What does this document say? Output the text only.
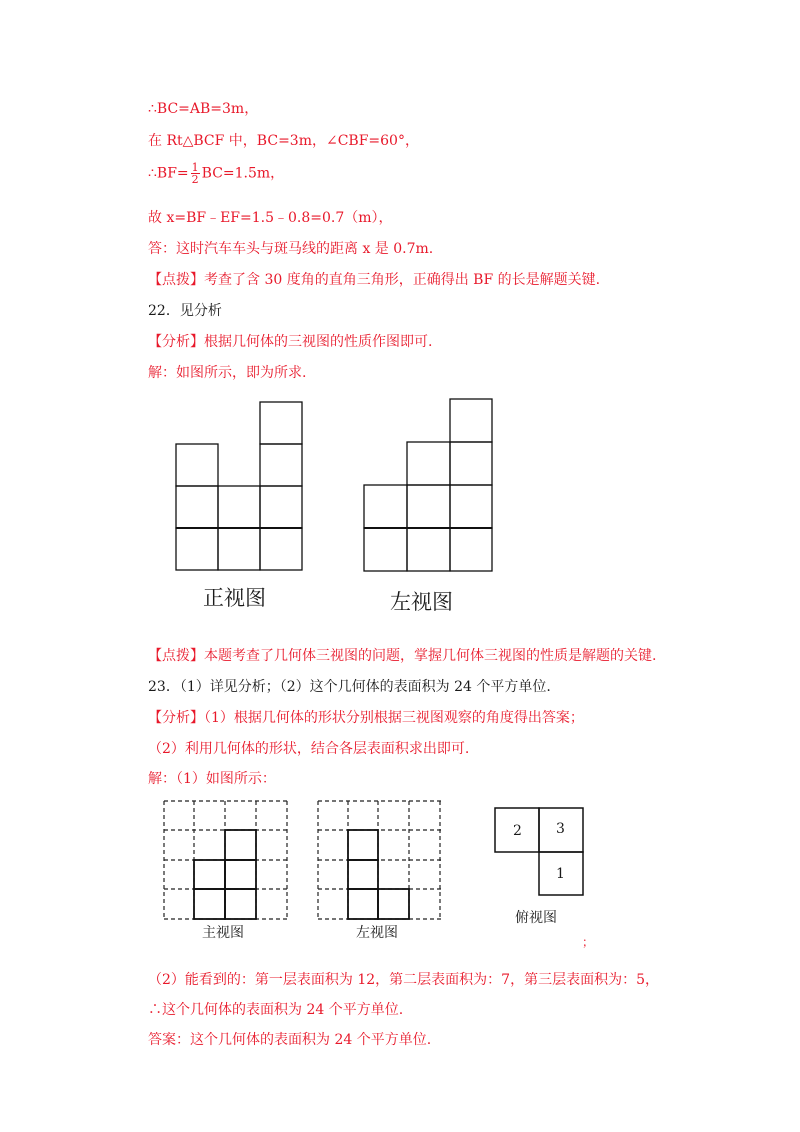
∴BC=AB=3m，
在 Rt△BCF 中，BC=3m，∠CBF=60°，
∴BF= $\frac{1}{2} BC=1.5m$，
故 x=BF﹣EF=1.5﹣0.8=0.7（m），
答：这时汽车车头与斑马线的距离 x 是 0.7m.
【点拨】考查了含 30 度角的直角三角形，正确得出 BF 的长是解题关键.
22．见分析
【分析】根据几何体的三视图的性质作图即可.
解：如图所示，即为所求.
正视图	左视图
【点拨】本题考查了几何体三视图的问题，掌握几何体三视图的性质是解题的关键.
23．（1）详见分析；（2）这个几何体的表面积为 24 个平方单位.
【分析】（1）根据几何体的形状分别根据三视图观察的角度得出答案；
（2）利用几何体的形状，结合各层表面积求出即可.
解：（1）如图所示：
2 3
1
主视图	左视图
俯视图
；
（2）能看到的：第一层表面积为 12，第二层表面积为：7，第三层表面积为：5，
∴这个几何体的表面积为 24 个平方单位.
答案：这个几何体的表面积为 24 个平方单位.
